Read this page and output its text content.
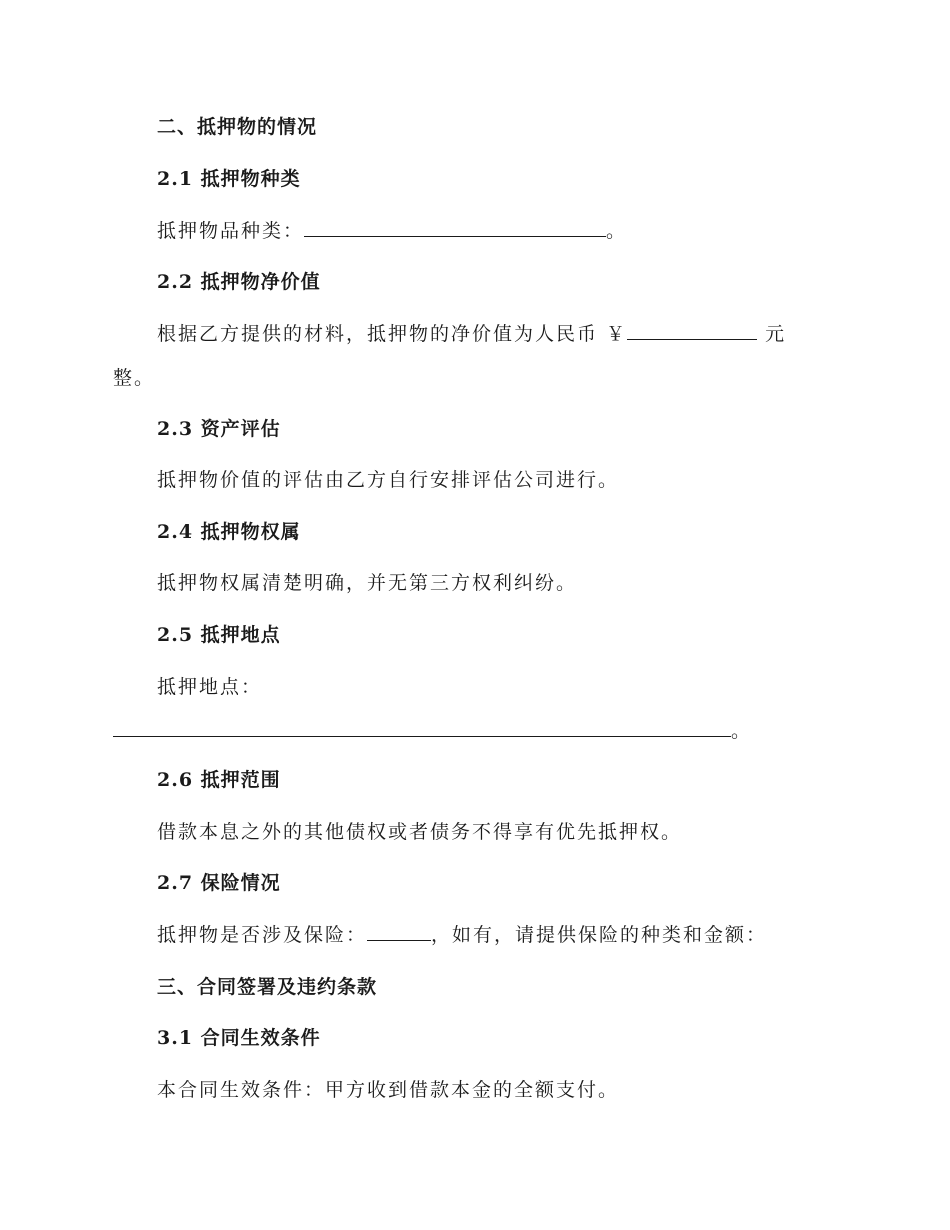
二、抵押物的情况
2.1 抵押物种类
抵押物品种类：	。
2.2 抵押物净价值
根据乙方提供的材料，抵押物的净价值为人民币 ￥	元
整。
2.3 资产评估
抵押物价值的评估由乙方自行安排评估公司进行。
2.4 抵押物权属
抵押物权属清楚明确，并无第三方权利纠纷。
2.5 抵押地点
抵押地点：
。
2.6 抵押范围
借款本息之外的其他债权或者债务不得享有优先抵押权。
2.7 保险情况
抵押物是否涉及保险：	，如有，请提供保险的种类和金额：
三、合同签署及违约条款
3.1 合同生效条件
本合同生效条件：甲方收到借款本金的全额支付。
